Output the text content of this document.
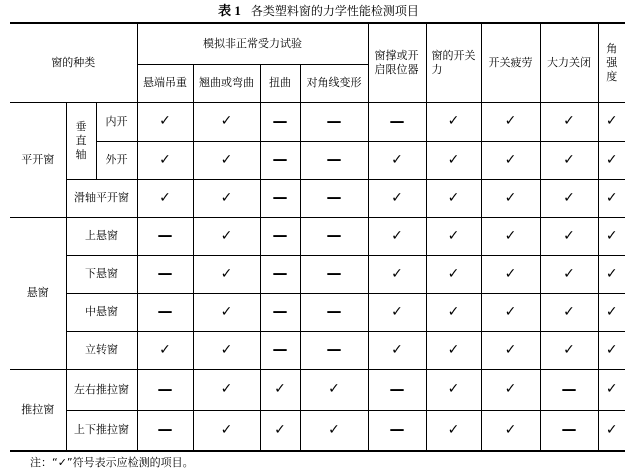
表 1 各类塑料窗的力学性能检测项目
窗的种类			模拟非正常受力试验				窗撑或开启限位器	窗的开关力	开关疲劳	大力关闭	角强度
			悬端吊重	翘曲或弯曲	扭曲	对角线变形					
平开窗	垂直轴	内开	✓	✓	—	—	—	✓	✓	✓	✓
		外开	✓	✓	—	—	✓	✓	✓	✓	✓
	滑轴平开窗		✓	✓	—	—	✓	✓	✓	✓	✓
悬窗	上悬窗		—	✓	—	—	✓	✓	✓	✓	✓
	下悬窗		—	✓	—	—	✓	✓	✓	✓	✓
	中悬窗		—	✓	—	—	✓	✓	✓	✓	✓
	立转窗		✓	✓	—	—	✓	✓	✓	✓	✓
推拉窗	左右推拉窗		—	✓	✓	✓	—	✓	✓	—	✓
	上下推拉窗		—	✓	✓	✓	—	✓	✓	—	✓
注：“✓”符号表示应检测的项目。
